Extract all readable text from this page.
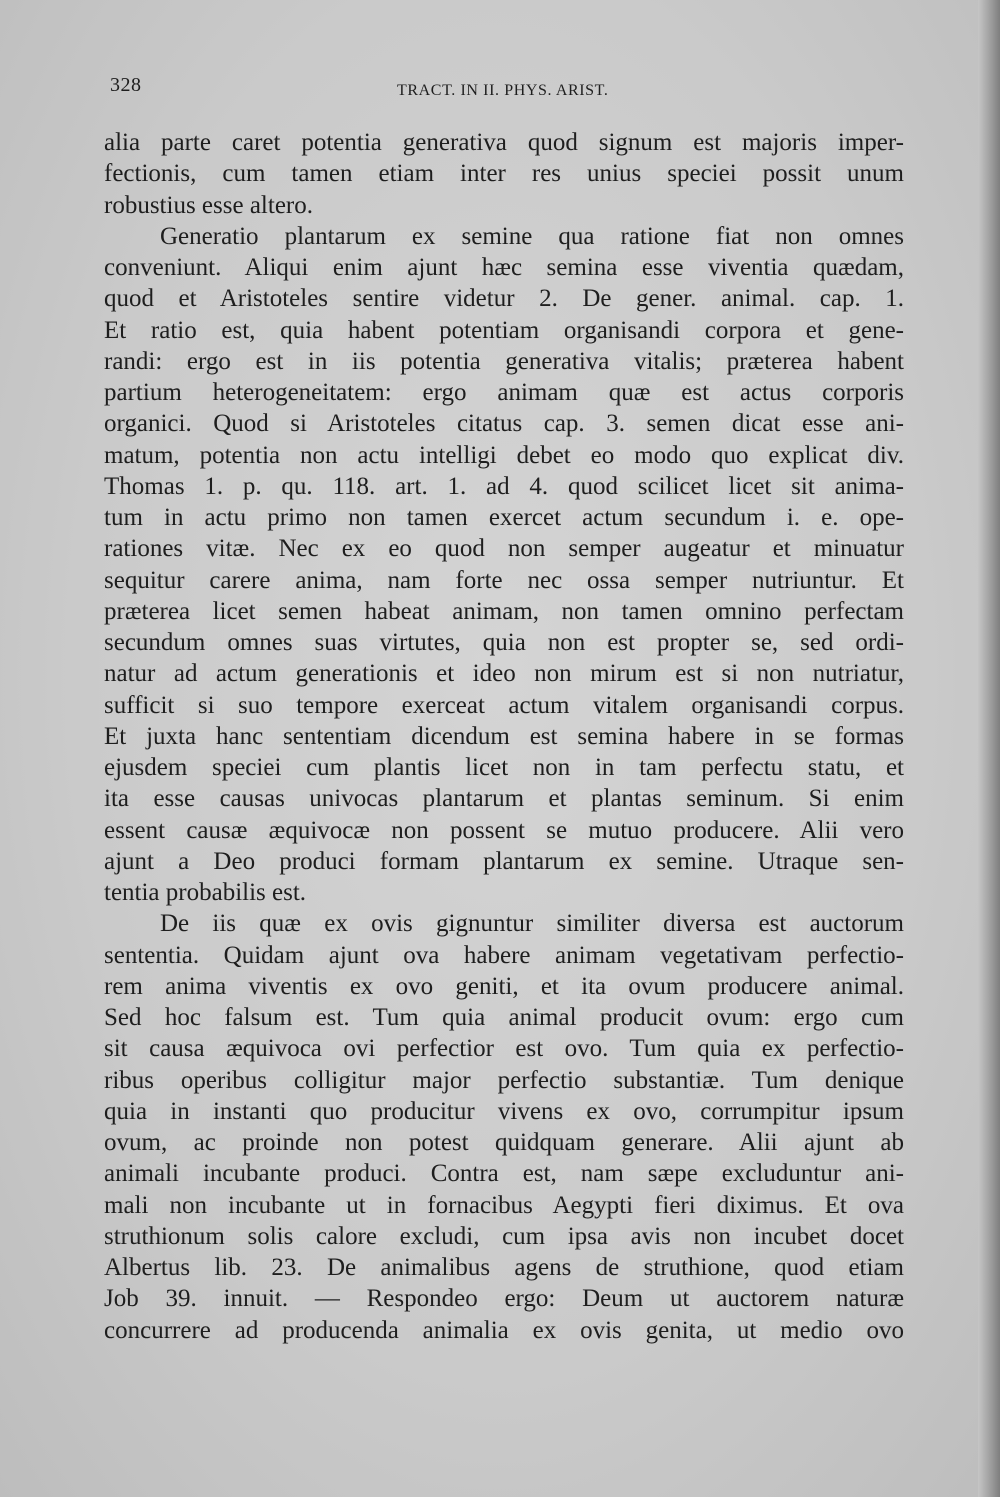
328	TRACT. IN II. PHYS. ARIST.
alia parte caret potentia generativa quod signum est majoris imper-
fectionis, cum tamen etiam inter res unius speciei possit unum
robustius esse altero.
Generatio plantarum ex semine qua ratione fiat non omnes
conveniunt. Aliqui enim ajunt hæc semina esse viventia quædam,
quod et Aristoteles sentire videtur 2. De gener. animal. cap. 1.
Et ratio est, quia habent potentiam organisandi corpora et gene-
randi: ergo est in iis potentia generativa vitalis; præterea habent
partium heterogeneitatem: ergo animam quæ est actus corporis
organici. Quod si Aristoteles citatus cap. 3. semen dicat esse ani-
matum, potentia non actu intelligi debet eo modo quo explicat div.
Thomas 1. p. qu. 118. art. 1. ad 4. quod scilicet licet sit anima-
tum in actu primo non tamen exercet actum secundum i. e. ope-
rationes vitæ. Nec ex eo quod non semper augeatur et minuatur
sequitur carere anima, nam forte nec ossa semper nutriuntur. Et
præterea licet semen habeat animam, non tamen omnino perfectam
secundum omnes suas virtutes, quia non est propter se, sed ordi-
natur ad actum generationis et ideo non mirum est si non nutriatur,
sufficit si suo tempore exerceat actum vitalem organisandi corpus.
Et juxta hanc sententiam dicendum est semina habere in se formas
ejusdem speciei cum plantis licet non in tam perfectu statu, et
ita esse causas univocas plantarum et plantas seminum. Si enim
essent causæ æquivocæ non possent se mutuo producere. Alii vero
ajunt a Deo produci formam plantarum ex semine. Utraque sen-
tentia probabilis est.
De iis quæ ex ovis gignuntur similiter diversa est auctorum
sententia. Quidam ajunt ova habere animam vegetativam perfectio-
rem anima viventis ex ovo geniti, et ita ovum producere animal.
Sed hoc falsum est. Tum quia animal producit ovum: ergo cum
sit causa æquivoca ovi perfectior est ovo. Tum quia ex perfectio-
ribus operibus colligitur major perfectio substantiæ. Tum denique
quia in instanti quo producitur vivens ex ovo, corrumpitur ipsum
ovum, ac proinde non potest quidquam generare. Alii ajunt ab
animali incubante produci. Contra est, nam sæpe excluduntur ani-
mali non incubante ut in fornacibus Aegypti fieri diximus. Et ova
struthionum solis calore excludi, cum ipsa avis non incubet docet
Albertus lib. 23. De animalibus agens de struthione, quod etiam
Job 39. innuit. — Respondeo ergo: Deum ut auctorem naturæ
concurrere ad producenda animalia ex ovis genita, ut medio ovo
